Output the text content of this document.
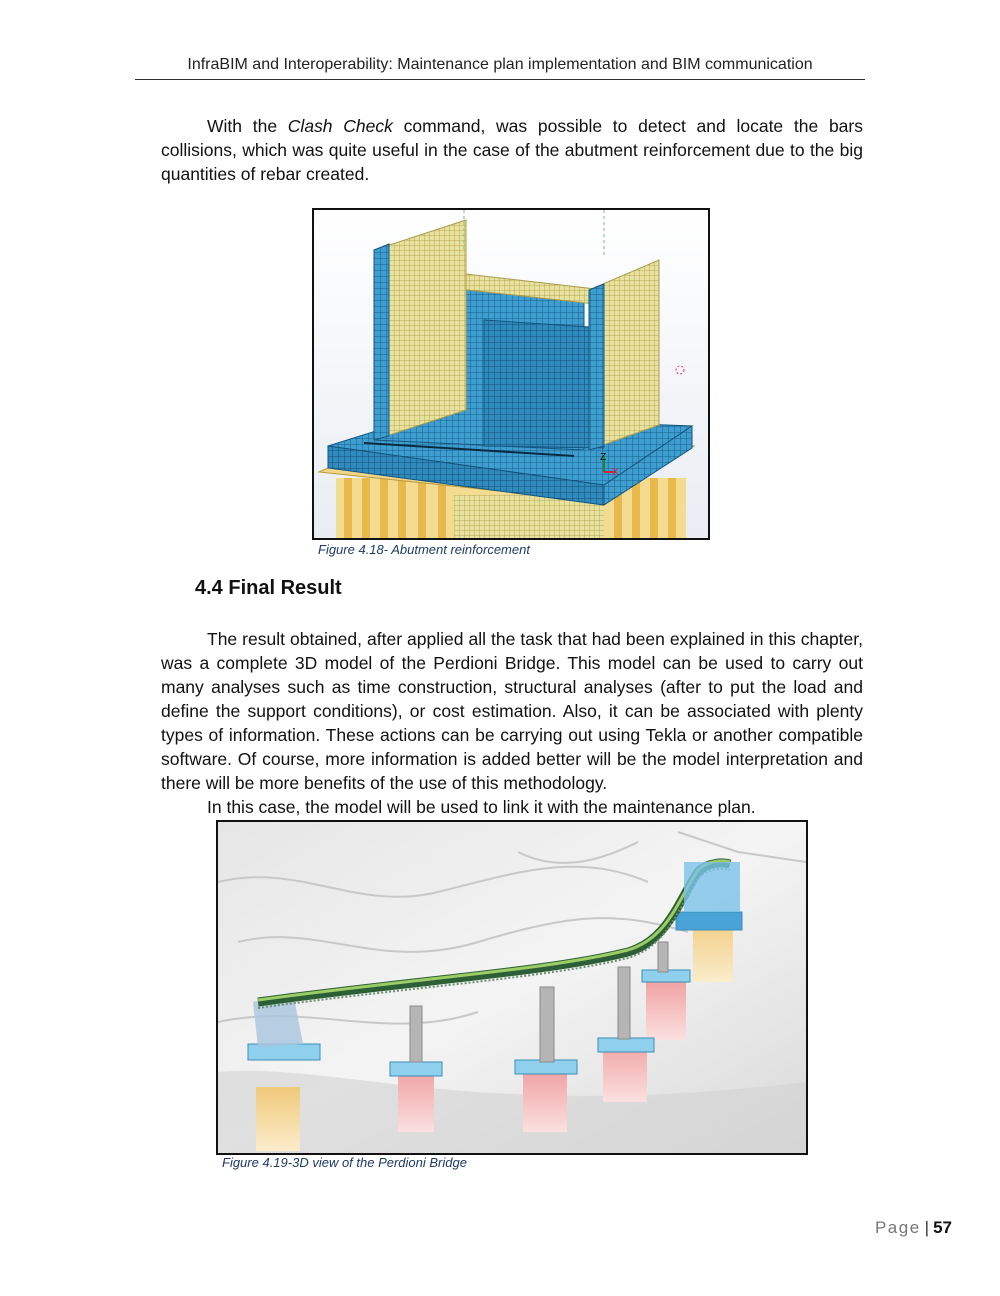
InfraBIM and Interoperability: Maintenance plan implementation and BIM communication

With the Clash Check command, was possible to detect and locate the bars collisions, which was quite useful in the case of the abutment reinforcement due to the big quantities of rebar created.

Z
X
Figure 4.18- Abutment reinforcement
4.4 Final Result

The result obtained, after applied all the task that had been explained in this chapter, was a complete 3D model of the Perdioni Bridge. This model can be used to carry out many analyses such as time construction, structural analyses (after to put the load and define the support conditions), or cost estimation. Also, it can be associated with plenty types of information. These actions can be carrying out using Tekla or another compatible software. Of course, more information is added better will be the model interpretation and there will be more benefits of the use of this methodology.

In this case, the model will be used to link it with the maintenance plan.

Figure 4.19-3D view of the Perdioni Bridge
Page | 57
